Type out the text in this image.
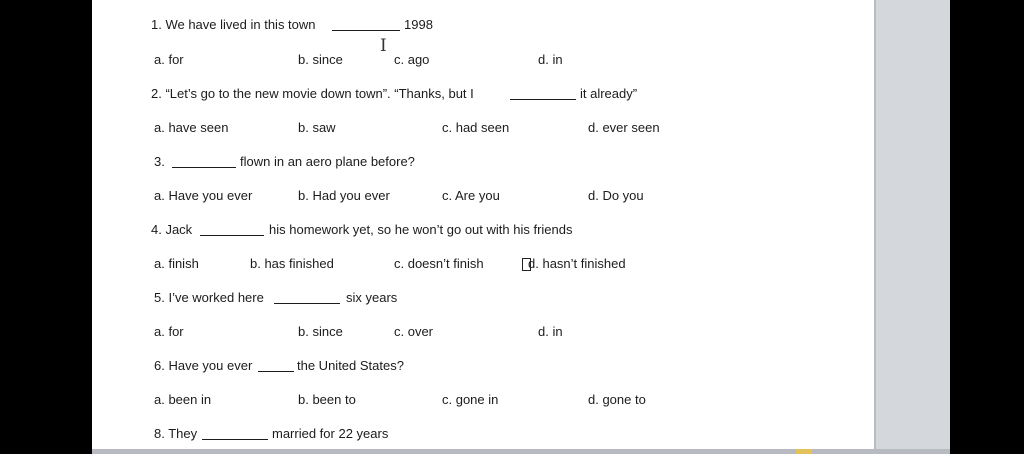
1. We have lived in this town	1998
a. for	b. since	c. ago	d. in
2. “Let’s go to the new movie down town”. “Thanks, but I	it already”
a. have seen	b. saw	c. had seen	d. ever seen
3.	flown in an aero plane before?
a. Have you ever	b. Had you ever	c. Are you	d. Do you
4. Jack	his homework yet, so he won’t go out with his friends
a. finish	b. has finished	c. doesn’t finish	d. hasn’t finished
5. I’ve worked here	six years
a. for	b. since	c. over	d. in
6. Have you ever	the United States?
a. been in	b. been to	c. gone in	d. gone to
8. They	married for 22 years
I
